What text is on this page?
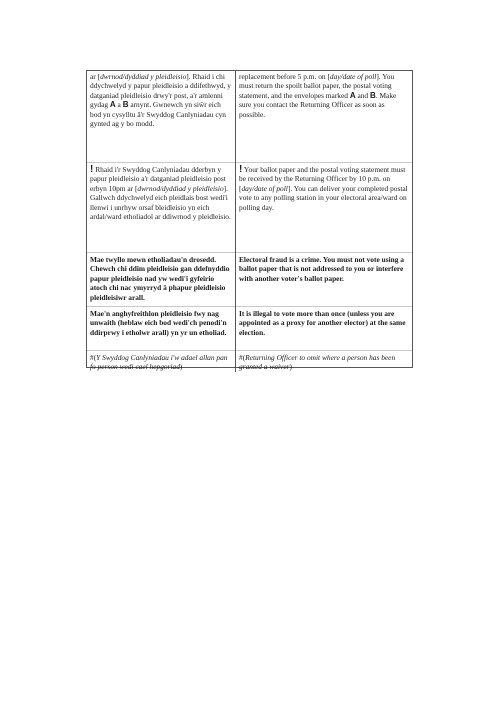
ar [dwrnod/dyddiad y pleidleisio]. Rhaid i chi ddychwelyd y papur pleidleisio a ddifethwyd, y datganiad pleidleisio drwy'r post, a'r amlenni gydag A a B arnynt. Gwnewch yn siŵr eich bod yn cysylltu â'r Swyddog Canlyniadau cyn gynted ag y bo modd.

! Rhaid i'r Swyddog Canlyniadau dderbyn y papur pleidleisio a'r datganiad pleidleisio post erbyn 10pm ar [dwrnod/dyddiad y pleidleisio]. Gallwch ddychwelyd eich pleidlais bost wedi'i llenwi i unrhyw orsaf bleidleisio yn eich ardal/ward etholiadol ar ddiwrnod y pleidleisio.

Mae twyllo mewn etholiadau'n drosedd. Chewch chi ddim pleidleisio gan ddefnyddio papur pleidleisio nad yw wedi'i gyfeirio atoch chi nac ymyrryd â phapur pleidleisio pleidleisiwr arall.

Mae'n anghyfreithlon pleidleisio fwy nag unwaith (heblaw eich bod wedi'ch penodi'n ddirprwy i etholwr arall) yn yr un etholiad.

#(Y Swyddog Canlyniadau i'w adael allan pan fo person wedi cael hepgoriad)

replacement before 5 p.m. on [day/date of poll]. You must return the spoilt ballot paper, the postal voting statement, and the envelopes marked A and B. Make sure you contact the Returning Officer as soon as possible.

! Your ballot paper and the postal voting statement must be received by the Returning Officer by 10 p.m. on [day/date of poll]. You can deliver your completed postal vote to any polling station in your electoral area/ward on polling day.

Electoral fraud is a crime. You must not vote using a ballot paper that is not addressed to you or interfere with another voter's ballot paper.

It is illegal to vote more than once (unless you are appointed as a proxy for another elector) at the same election.

#(Returning Officer to omit where a person has been granted a waiver)
